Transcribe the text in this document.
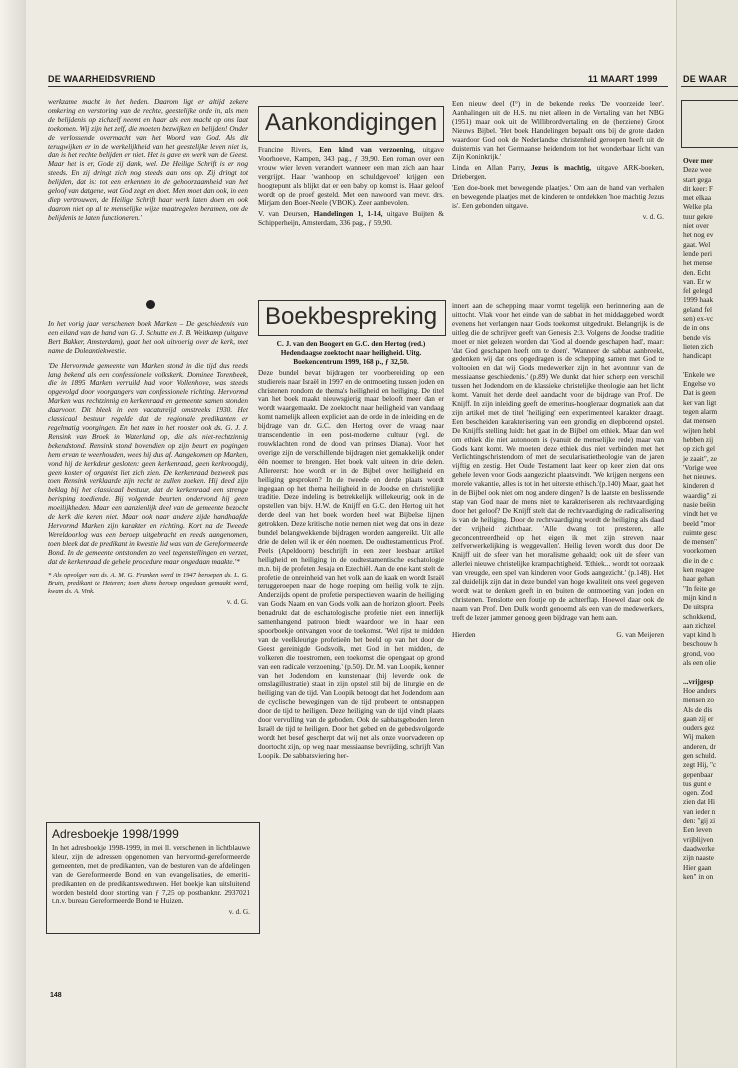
DE WAARHEIDSVRIEND	11 MAART 1999

werkzame macht in het heden. Daarom ligt er altijd zekere omkering en verstoring van de rechte, geestelijke orde in, als men de belijdenis op zichzelf neemt en haar als een macht op ons laat toekomen. Wij zijn het zelf, die moeten bezwijken en belijden! Onder de verlossende overmacht van het Woord van God. Als dit terugwijken er in de werkelijkheid van het geestelijke leven niet is, dan is het rechte belijden er niet. Het is gave en werk van de Geest. Maar het is er, Gode zij dank, wel. De Heilige Schrift is er nog steeds. En zij dringt zich nog steeds aan ons op. Zij dringt tot belijden, dat is: tot een erkennen in de gehoorzaamheid van het geloof van datgene, wat God zegt en doet. Men moet dan ook, in een diep vertrouwen, de Heilige Schrift haar werk laten doen en ook daarom niet op al te menselijke wijze maatregelen beramen, om de belijdenis te laten functioneren.'

In het vorig jaar verschenen boek Marken – De geschiedenis van een eiland van de hand van G. J. Schutte en J. B. Weitkamp (uitgave Bert Bakker, Amsterdam), gaat het ook uitvoerig over de kerk, met name de Doleantiekwestie.

'De Hervormde gemeente van Marken stond in die tijd dus reeds lang bekend als een confessionele volkskerk. Dominee Torenbeek, die in 1895 Marken verruild had voor Vollenhove, was steeds opgevolgd door voorgangers van confessionele richting. Hervormd Marken was rechtzinnig en kerkenraad en gemeente samen stonden daarvoor. Dit bleek in een vacatureijd omstreeks 1930. Het classicaal bestuur regelde dat de regionale predikanten er regelmatig voorgingen. En het nam in het rooster ook ds. G. J. J. Rensink van Broek in Waterland op, die als niet-rechtzinnig bekendstond. Rensink stond bovendien op zijn beurt en pogingen hem ervan te weerhouden, wees hij dus af. Aangekomen op Marken, vond hij de kerkdeur gesloten: geen kerkenraad, geen kerkvoogdij, geen koster of organist liet zich zien. De kerkenraad bezweek pas toen Rensink verklaarde zijn recht te zullen zoeken. Hij deed zijn beklag bij het classicaal bestuur, dat de kerkenraad een strenge berisping toediende. Bij volgende beurten ondervond hij geen moeilijkheden. Maar een aanzienlijk deel van de gemeente bezocht de kerk die keren niet. Maar ook naar andere zijde handhaafde Hervormd Marken zijn karakter en richting. Kort na de Tweede Wereldoorlog was een beroep uitgebracht en reeds aangenomen, toen bleek dat de predikant in kwestie lid was van de Gereformeerde Bond. In de gemeente ontstonden zo veel tegenstellingen en verzet, dat de kerkenraad de gehele procedure maar ongedaan maakte.'*

* Als opvolger van ds. A. M. G. Franken werd in 1947 beroepen ds. L. G. Bruin, predikant te Heteren; toen diens beroep ongedaan gemaakt werd, kwam ds. A. Vink.

v. d. G.

Adresboekje 1998/1999

In het adresboekje 1998-1999, in mei ll. verschenen in lichtblauwe kleur, zijn de adressen opgenomen van hervormd-gereformeerde gemeenten, met de predikanten, van de besturen van de afdelingen van de Gereformeerde Bond en van evangelisaties, de emeriti-predikanten en de predikantsweduwen. Het boekje kan uitsluitend worden besteld door storting van ƒ 7,25 op postbanknr. 2937021 t.n.v. bureau Gereformeerde Bond te Huizen.

v. d. G.

Aankondigingen

Francine Rivers, Een kind van verzoening, uitgave Voorhoeve, Kampen, 343 pag., ƒ 39,90. Een roman over een vrouw wier leven verandert wanneer een man zich aan haar vergrijpt. Haar 'wanhoop en schuldgevoel' krijgen een hoogtepunt als blijkt dat er een baby op komst is. Haar geloof wordt op de proef gesteld. Met een nawoord van mevr. drs. Mirjam den Boer-Neele (VBOK). Zeer aanbevolen.

V. van Deursen, Handelingen 1, 1-14, uitgave Buijten & Schipperheijn, Amsterdam, 336 pag., ƒ 59,90.

Een nieuw deel (I°) in de bekende reeks 'De voorzeide leer'. Aanhalingen uit de H.S. nu niet alleen in de Vertaling van het NBG (1951) maar ook uit de Willibrordvertaling en de (herziene) Groot Nieuws Bijbel. 'Het boek Handelingen bepaalt ons bij de grote daden waardoor God ook de Nederlandse christenheid geroepen heeft uit de duisternis van het Germaanse heidendom tot het wonderbaar licht van Zijn Koninkrijk.'

Linda en Allan Parry, Jezus is machtig, uitgave ARK-boeken, Driebergen.

'Een doe-boek met bewegende plaatjes.' Om aan de hand van verhalen en bewegende plaatjes met de kinderen te ontdekken 'hoe machtig Jezus is'. Een gebonden uitgave.

v. d. G.

Boekbespreking

C. J. van den Boogert en G.C. den Hertog (red.) Hedendaagse zoektocht naar heiligheid. Uitg. Boekencentrum 1999, 168 p., ƒ 32,50.

Deze bundel bevat bijdragen ter voorbereiding op een studiereis naar Israël in 1997 en de ontmoeting tussen joden en christenen rondom de thema's heiligheid en heiliging. De titel van het boek maakt nieuwsgierig maar belooft meer dan er wordt waargemaakt. De zoektocht naar heiligheid van vandaag komt namelijk alleen expliciet aan de orde in de inleiding en de bijdrage van dr. G.C. den Hertog over de vraag naar transcendentie in een post-moderne cultuur (vgl. de rouwklachten rond de dood van prinses Diana). Voor het overige zijn de verschillende bijdragen niet gemakkelijk onder één noemer te brengen. Het boek valt uiteen in drie delen. Allereerst: hoe wordt er in de Bijbel over heiligheid en heiliging gesproken? In de tweede en derde plaats wordt ingegaan op het thema heiligheid in de Joodse en christelijke traditie. Deze indeling is betrekkelijk willekeurig; ook in de opstellen van bijv. H.W. de Knijff en G.C. den Hertog uit het derde deel van het boek worden heel wat Bijbelse lijnen getrokken. Deze kritische notie nemen niet weg dat ons in deze bundel belangwekkende bijdragen worden aangereikt. Uit alle drie de delen wil ik er één noemen. De oudtestamenticus Prof. Peels (Apeldoorn) beschrijft in een zeer leesbaar artikel heiligheid en heiliging in de oudtestamentische eschatologie m.n. bij de profeten Jesaja en Ezechiël. Aan de ene kant stelt de profetie de onreinheid van het volk aan de kaak en wordt Israël teruggeroepen naar de hoge roeping om heilig volk te zijn. Anderzijds opent de profetie perspectieven waarin de heiliging van Gods Naam en van Gods volk aan de horizon gloort. Peels benadrukt dat de eschatologische profetie niet een innerlijk samenhangend patroon biedt waardoor we in haar een spoorboekje ontvangen voor de toekomst. 'Wel rijst te midden van de veelkleurige profetieën het beeld op van het door de Geest gereinigde Godsvolk, met God in het midden, de volkeren die toestromen, een toekomst die opengaat op grond van een radicale verzoening.' (p.50). Dr. M. van Loopik, kenner van het Jodendom en kunstenaar (hij leverde ook de omslagillustratie) staat in zijn opstel stil bij de liturgie en de heiliging van de tijd. Van Loopik betoogt dat het Jodendom aan de cyclische bewegingen van de tijd probeert te ontsnappen door de tijd te heiligen. Deze heiliging van de tijd vindt plaats door vervulling van de geboden. Ook de sabbatsgeboden leren Israël de tijd te heiligen. Door het gebed en de gebedsvolgorde wordt het besef gescherpt dat wij net als onze voorvaderen op doortocht zijn, op weg naar messiaanse bevrijding, schrijft Van Loopik. De sabbatsviering her-

innert aan de schepping maar vormt tegelijk een herinnering aan de uittocht. Vlak voor het einde van de sabbat in het middaggebed wordt evenens het verlangen naar Gods toekomst uitgedrukt. Belangrijk is de uitleg die de schrijver geeft van Genesis 2:3. Volgens de Joodse traditie moet er niet gelezen worden dat 'God al doende geschapen had', maar: 'dat God geschapen heeft om te doen'. 'Wanneer de sabbat aanbreekt, gedenken wij dat ons opgedragen is de schepping samen met God te voltooien en dat wij Gods medewerker zijn in het avontuur van de messiaanse geschiedenis.' (p.89) We dunkt dat hier scherp een verschil tussen het Jodendom en de klassieke christelijke theologie aan het licht komt. Vanuit het derde deel aandacht voor de bijdrage van Prof. De Knijff. In zijn inleiding geeft de emeritus-hoogleraar dogmatiek aan dat zijn artikel met de titel 'heiliging' een experimenteel karakter draagt. Een bescheiden karakterisering van een grondig en diepborend opstel. De Knijffs stelling luidt: het gaat in de Bijbel om ethiek. Maar dan wel om ethiek die niet autonoom is (vanuit de menselijke rede) maar van Gods kant komt. We moeten deze ethiek dus niet verbinden met het Verlichtingschristendom of met de secularisatietheologie van de jaren vijftig en zestig. Het Oude Testament laat keer op keer zien dat ons gehele leven voor Gods aangezicht plaatsvindt. 'We krijgen nergens een morele vakantie, alles is tot in het uiterste ethisch.'(p.140) Maar, gaat het in de Bijbel ook niet om nog andere dingen? Is de laatste en beslissende stap van God naar de mens niet te karakteriseren als rechtvaardiging door het geloof? De Knijff stelt dat de rechtvaardiging de radicalisering is van de heiliging. Door de rechtvaardiging wordt de heiliging als daad der vrijheid zichtbaar. 'Alle dwang tot presteren, alle geconcentreerdheid op het eigen ik met zijn streven naar zelfverwerkelijking is weggevallen'. Heilig leven wordt dus door De Knijff uit de sfeer van het moralisme gehaald; ook uit de sfeer van allerlei nieuwe christelijke krampachtigheid. 'Ethiek... wordt tot oorzaak van vreugde, een spel van kinderen voor Gods aangezicht.' (p.148). Het zal duidelijk zijn dat in deze bundel van hoge kwaliteit ons veel gegeven wordt wat te denken geeft in en buiten de ontmoeting van joden en christenen. Tenslotte een foutje op de achterflap. Hoewel daar ook de naam van Prof. Den Dulk wordt genoemd als een van de medewerkers, treft de lezer jammer genoeg geen bijdrage van hem aan.

Hierden	G. van Meijeren
148
DE WAAR
Over mer
Deze wee
start gega
dit keer: F
met elkaa
Welke pla
tuur gekre
niet over
het nog ev
gaat. Wel
lende peri
het mense
den. Echt
van. Er w
fel gelegd
1999 haak
geland fel
sen) ex-vc
de in ons
bende vis
lieten zich
handicapt
'Enkele we
Engelse vo
Dat is geen
ker van ligt
tegen alarm
dat mensen
wijten hebl
hebben zij
op zich gel
je zaait", ze
'Vorige wee
het nieuws.
kinderen d
waardig" zi
nasie beëin
vindt het ve
beeld "mor
ruimte gesc
de mensen"
voorkomen
die in de c
ken reagee
haar gehan
"In feite ge
mijn kind n
De uitspra
schokkend,
aan zichzel
vapt kind h
beschouw h
grond, voo
als een olie
...vrijgesp
Hoe anders
mensen zo
Als de dis
gaan zij er
ouders gez
Wij maken
anderen, dr
gen schuld.
zegt Hij, "c
gepenbaar
tus gunt e
ogen. Zod
zien dat Hi
van ieder n
den: "gij zi
Een leven
vrijblijven
daadwerke
zijn naaste
Hier gaan
ken" in on
